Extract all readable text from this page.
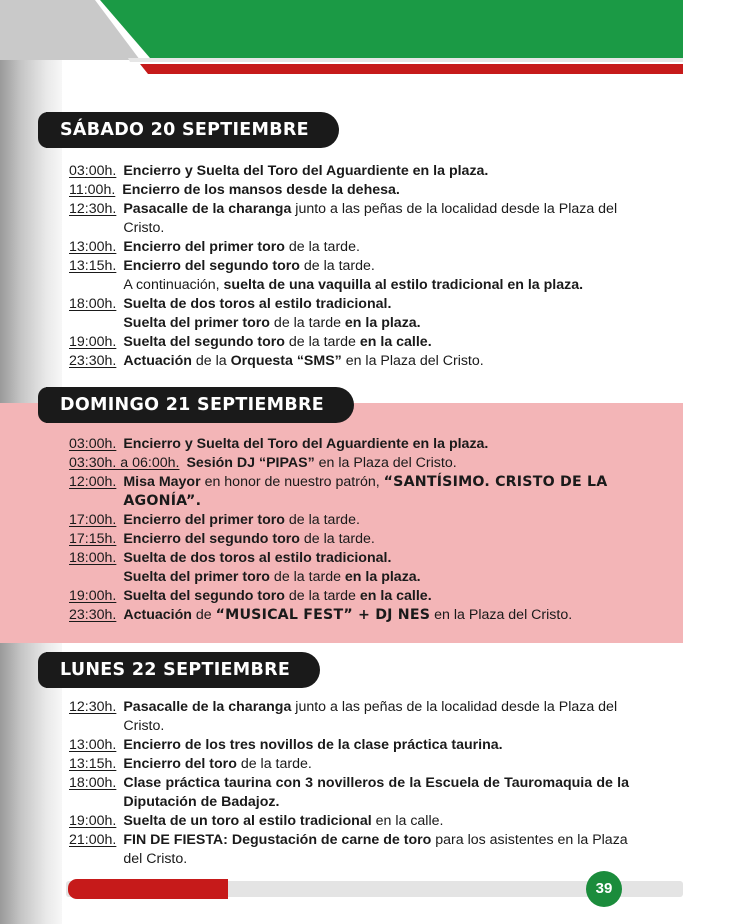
SÁBADO 20 SEPTIEMBRE
03:00h. Encierro y Suelta del Toro del Aguardiente en la plaza.
11:00h. Encierro de los mansos desde la dehesa.
12:30h. Pasacalle de la charanga junto a las peñas de la localidad desde la Plaza del Cristo.
13:00h. Encierro del primer toro de la tarde.
13:15h. Encierro del segundo toro de la tarde.
A continuación, suelta de una vaquilla al estilo tradicional en la plaza.
18:00h. Suelta de dos toros al estilo tradicional.
Suelta del primer toro de la tarde en la plaza.
19:00h. Suelta del segundo toro de la tarde en la calle.
23:30h. Actuación de la Orquesta “SMS” en la Plaza del Cristo.
DOMINGO 21 SEPTIEMBRE
03:00h. Encierro y Suelta del Toro del Aguardiente en la plaza.
03:30h. a 06:00h. Sesión DJ “PIPAS” en la Plaza del Cristo.
12:00h. Misa Mayor en honor de nuestro patrón, “SANTÍSIMO. CRISTO DE LA AGONÍA”.
17:00h. Encierro del primer toro de la tarde.
17:15h. Encierro del segundo toro de la tarde.
18:00h. Suelta de dos toros al estilo tradicional.
Suelta del primer toro de la tarde en la plaza.
19:00h. Suelta del segundo toro de la tarde en la calle.
23:30h. Actuación de “MUSICAL FEST” + DJ NES en la Plaza del Cristo.
LUNES 22 SEPTIEMBRE
12:30h. Pasacalle de la charanga junto a las peñas de la localidad desde la Plaza del Cristo.
13:00h. Encierro de los tres novillos de la clase práctica taurina.
13:15h. Encierro del toro de la tarde.
18:00h. Clase práctica taurina con 3 novilleros de la Escuela de Tauromaquia de la Diputación de Badajoz.
19:00h. Suelta de un toro al estilo tradicional en la calle.
21:00h. FIN DE FIESTA: Degustación de carne de toro para los asistentes en la Plaza del Cristo.
39
